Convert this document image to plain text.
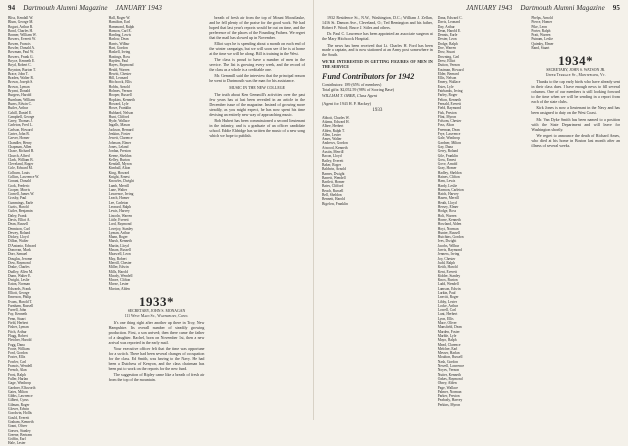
94 Dartmouth Alumni Magazine JANUARY 1943
Bliss, Kendall W.
Blum, George M.
Bogart, Arthur R.
Bond, Charles H.
Bonner, William W.
Bowers, Everett W.
Bowen, Francis
Bowler, Donald A.
Bowman, Paul W.
Bowers, Frank G.
Boyce, Kenneth E.
Boyd, Robert C.
Boynton, Burton T.
Brace, John T.
Braden, Walter R.
Brown, Joseph S.
Brown, Lyman
Bryant, Donald
Burgess, Harold
Burnham, William
Burns, Edwin C.
Butler, Arthur
Cahill, Daniel E.
Campbell, George
Carey, Thomas J.
Carleton, Fred L.
Carlson, Howard
Carter, John B.
Carver, Homer
Chandler, Henry
Chapman, Allen
Chase, Richard B.
Church, Alfred
Clark, William B.
Cleveland, Roger
Cole, Edward M.
Colburn, Louis
Collins, Lawrence W.
Conant, Donald
Cook, Frederic
Cooper, Morris
Cornell, James W.
Crosby, Paul
Cummings, Earle
Curtis, Harold
Cutler, Benjamin
Daley, Frank
Davis, Elliot A.
Dean, Russell
Dennison, Carl
Dewey, Roland
Dickey, Lloyd
Dillon, Walter
D'Antonio, Edward
Donovan, Mark
Dorr, Samuel
Douglas, Jerome
Dow, Raymond
Drake, Charles
Dudley, Allen M.
Dunn, Walter E.
Dwight, Leslie
Eaton, Norman
Edwards, Frank
Elliott, George
Emerson, Philip
Evans, Harold T.
Farnham, Russell
Farrell, John
Fay, Kenneth
Fenn, Stuart
Field, Herbert
Fisher, Lyman
Fitch, Arthur
Flagg, Robert
Fletcher, Harold
Fogg, Dana
Foote, William
Ford, Gordon
Foster, Ellis
Fowler, Carl
Francis, Wendell
French, Alan
Frost, Ralph
Fuller, Harlan
Gage, Winthrop
Gardner, Ellsworth
Gates, Milton
Gibbs, Lawrence
Gilbert, Cyrus
Gilman, Roger
Glover, Edwin
Goodwin, Hollis
Gould, Everett
Graham, Kenneth
Grant, Oliver
Graves, Stanley
Greene, Bertram
Griffin, Earl
Hale, Lester
Hall, Roger W.
Hamilton, Earl
Hammond, Ralph
Hanson, Carl E.
Harding, Lewis
Harlow, Dean
Harris, Wilbur
Hart, Gordon
Haskell, Irving
Hastings, Ross
Hayden, Paul
Hayes, Raymond
Heald, Warren
Hewitt, Chester
Hill, Leonard
Hitchcock, Ellis
Hobbs, Arnold
Holmes, Vernon
Hooper, Russell
Hopkins, Kenneth
Howard, Lyle
Howe, Franklin
Hubbard, Nelson
Hunt, Clifford
Hyde, Wallace
Ingalls, Mason
Jackson, Bernard
Jenkins, Foster
Jewett, Clarence
Johnson, Elmer
Jones, Leland
Jordan, Preston
Keene, Sheldon
Kelley, Burton
Kendall, Myron
Kimball, Alton
King, Howard
Knight, Ernest
Knowles, Dwight
Lamb, Merrill
Lane, Walter
Lawrence, Irving
Leach, Homer
Lee, Carleton
Leonard, Ralph
Lewis, Harvey
Lincoln, Warren
Little, Everett
Lord, Raymond
Lovejoy, Stanley
Lyman, Arthur
Mann, Roger
Marsh, Kenneth
Martin, Lloyd
Mason, Russell
Maxwell, Leon
May, Robert
Merrill, Chester
Miller, Edwin
Mills, Harold
Moody, Wendell
Moore, Clifton
Morse, Lester
Morton, Alden
1933*
SECRETARY, JOHN S. MONAGAN
111 West Main St., Waterbury, Conn.

It's one thing right after another up there in Troy, New Hampshire. Its overall number of steadily growing production. First, a son arrived; then there came the father of a daughter. Rachel, born on November 1st, then a new arrival was reported in the early mail.

Your executive officer felt that the time was opportune for a switch. There had been several changes of occupation for the class. Ed Smith, was having to the Navy. He had been a Dutchess of Kenyon, and the class chairman has been put to work on the reports for the new fund.

The suggestion of Ripley came like a breath of fresh air from the top of the mountain.

breath of fresh air from the top of Mount Moosilauke, and he fell plenty of the praise for the good work. We had hoped that last year's reports would be out on time, and the preference of the places of the Founding Fathers. We regret that the mail has slowed up in November.

Elliot says he is spending about a month on each end of the winter campaign, but we will soon see if he is at home at the time we will be along. Bill is training in the West.

The class is proud to have a number of men in the service. The list is growing every week, and the record of the class as a whole is a creditable one.

Mr. Gemmill said the interview that the principal reason he went to Dartmouth was the man for his assistance.

MUSIC IN THE NEW COLLEGE

The truth about Ken Gemmill's activities over the past few years has at last been revealed in an article in the December issue of the magazine. Instead of growing more steadily, as you might expect, he has now spent his time devising an entirely new way of approaching music.

Bob Hubert has been commissioned a second lieutenant in the infantry, and is a graduate of an officer candidate school. Eddie Eldridge has written the music of a new song which we hope to publish.

JANUARY 1943 Dartmouth Alumni Magazine 95

1932 Residence St., N.W., Washington, D.C.; William J. Zellan, 1416 St. Damon Ave., Cleveland, O.; Ted Remington and his father, Robert F. Wood; Bruce J. Stiles and others.

Dr. Paul C. Lawrence has been appointed an associate surgeon at the Mary Hitchcock Hospital.

The news has been received that Lt. Charles H. Ford has been made a captain, and is now stationed at an Army post somewhere in the South.

WE'RE INTERESTED IN GETTING FIGURES OF MEN IN THE SERVICE
Fund Contributors for 1942
Contributors: 189 (65% of members)
Total gifts: $2,052.59 (98% of Scoring Base)
WILLIAM T. OBER, Class Agent
(Agent for 1943 H. P. Hackey)
1933
Abbott, Charles W.
Adams, Edward H.
Albee, Herbert
Alden, Ralph T.
Allen, Lester
Ames, Walter
Andrews, Gordon
Atwood, Kenneth
Austin, Merrill
Bacon, Lloyd
Bailey, Everett
Baker, Roger
Baldwin, Arnold
Barnes, Dwight
Barrett, Wendell
Bartlett, Homer
Bates, Clifford
Beach, Russell
Bell, Sheldon
Bennett, Harold
Bigelow, Franklin
Dana, Edward C.
Davis, Leonard
Day, Arthur
Dean, Harold E.
Dennis, Earle
Dexter, Leon
Dodge, Ralph
Doe, Warren
Dow, Stuart
Downing, Carl
Drew, Elliot
Dutton, Vernon
Eastman, Howard
Elder, Bernard
Ellis, Nelson
Emery, Wallace
Estes, Lyle
Fairbanks, Irving
Farley, Roger
Felton, Kenneth
Fernald, Everett
Field, Raymond
Fisk, Preston
Flint, Myron
Folsom, Chester
Foss, Alton
Freeman, Dean
Frye, Lawrence
Gale, Winthrop
Gardner, Milton
Gay, Dana
Gerry, Roland
Gile, Franklin
Goss, Ernest
Gove, Arnold
Gray, Homer
Hadley, Sheldon
Haines, Clifton
Ham, Lewis
Hardy, Leslie
Harmon, Carleton
Hatch, Harvey
Hazen, Merrill
Heath, Lloyd
Hersey, Elmer
Hodge, Ross
Holt, Warren
Horne, Kenneth
Howland, Alden
Hoyt, Norman
Hunter, Russell
Hutchins, Gordon
Ives, Dwight
Jacobs, Wilbur
Jarvis, Raymond
Jenness, Irving
Joy, Chester
Judd, Ralph
Keith, Harold
Kent, Everett
Kidder, Stanley
Knox, Burton
Ladd, Wendell
Lamson, Edwin
Larkin, Paul
Leavitt, Roger
Libby, Lester
Locke, Arthur
Lowell, Carl
Lunt, Herbert
Lyon, Ellis
Mace, Oliver
Mansfield, Dean
Marden, Foster
Marble, Lyle
Mayo, Ralph
Mead, Clarence
Melcher, Earl
Messer, Harlan
Moulton, Russell
Nash, Gordon
Newell, Lawrence
Noyes, Vernon
Nutter, Kenneth
Oakes, Raymond
Olney, Alden
Page, Wallace
Palmer, Norman
Parker, Preston
Peabody, Harvey
Perkins, Myron
Phelps, Arnold
Pierce, Homer
Pike, Leon
Porter, Ralph
Pratt, Warren
Putnam, Leslie
Quimby, Elmer
Rand, Stuart
1934*
SECRETARY, JOHN S. WATSON JR.
Upper Terrace St., Montpelier, Vt.

Thanks to the cap early birds who have already sent in their class dues. I have enough news to fill several columns. One of our members is still looking forward to the time when we will be sending in a report from each of the state clubs.

Kirk Jones is now a lieutenant in the Navy and has been assigned to duty on the West Coast.

Mr. Van Dyke Smith has been named to a position with the State Department and will leave for Washington shortly.

We regret to announce the death of Richard Ames, who died at his home in Boston last month after an illness of several weeks.
